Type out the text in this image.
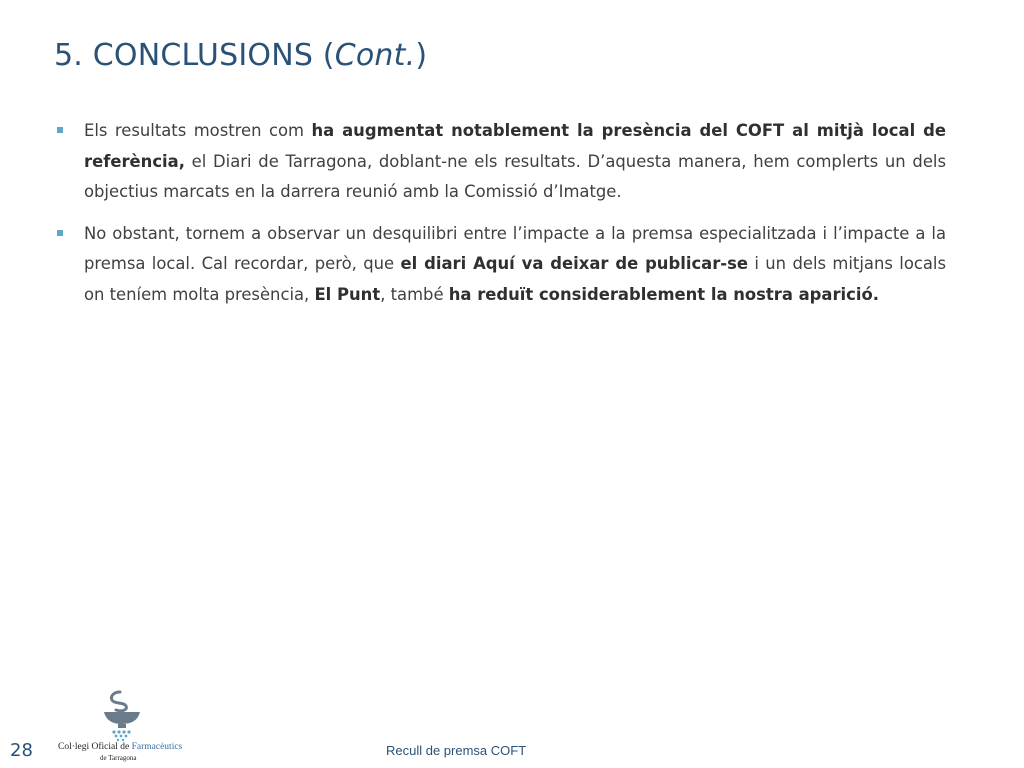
5. CONCLUSIONS (Cont.)
Els resultats mostren com ha augmentat notablement la presència del COFT al mitjà local de referència, el Diari de Tarragona, doblant-ne els resultats. D’aquesta manera, hem complerts un dels objectius marcats en la darrera reunió amb la Comissió d’Imatge.
No obstant, tornem a observar un desquilibri entre l’impacte a la premsa especialitzada i l’impacte a la premsa local. Cal recordar, però, que el diari Aquí va deixar de publicar-se i un dels mitjans locals on teníem molta presència, El Punt, també ha reduït considerablement la nostra aparició.
28	Col·legi Oficial de Farmacèutics
de Tarragona	Recull de premsa COFT
